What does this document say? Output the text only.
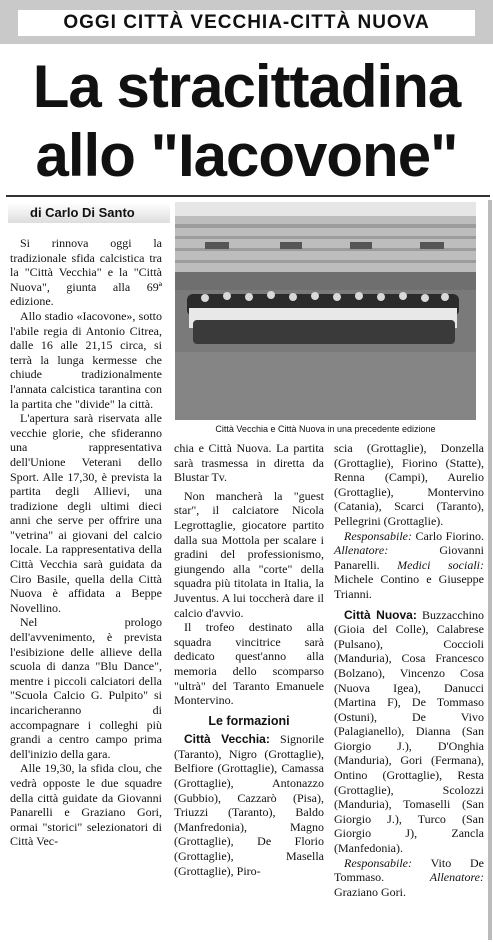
OGGI CITTÀ VECCHIA-CITTÀ NUOVA
La stracittadina
allo "Iacovone"
di Carlo Di Santo

Si rinnova oggi la tradizionale sfida calcistica tra la "Città Vecchia" e la "Città Nuova", giunta alla 69ª edizione.

Allo stadio «Iacovone», sotto l'abile regia di Antonio Citrea, dalle 16 alle 21,15 circa, si terrà la lunga kermesse che chiude tradizionalmente l'annata calcistica tarantina con la partita che "divide" la città.

L'apertura sarà riservata alle vecchie glorie, che sfideranno una rappresentativa dell'Unione Veterani dello Sport. Alle 17,30, è prevista la partita degli Allievi, una tradizione degli ultimi dieci anni che serve per offrire una "vetrina" ai giovani del calcio locale. La rappresentativa della Città Vecchia sarà guidata da Ciro Basile, quella della Città Nuova è affidata a Beppe Novellino.

Nel prologo dell'avvenimento, è prevista l'esibizione delle allieve della scuola di danza "Blu Dance", mentre i piccoli calciatori della "Scuola Calcio G. Pulpito" si incaricheranno di accompagnare i colleghi più grandi a centro campo prima dell'inizio della gara.

Alle 19,30, la sfida clou, che vedrà opposte le due squadre della città guidate da Giovanni Panarelli e Graziano Gori, ormai "storici" selezionatori di Città Vec-

Città Vecchia e Città Nuova in una precedente edizione

chia e Città Nuova. La partita sarà trasmessa in diretta da Blustar Tv.

Non mancherà la "guest star", il calciatore Nicola Legrottaglie, giocatore partito dalla sua Mottola per scalare i gradini del professionismo, giungendo alla "corte" della squadra più titolata in Italia, la Juventus. A lui toccherà dare il calcio d'avvio.

Il trofeo destinato alla squadra vincitrice sarà dedicato quest'anno alla memoria dello scomparso "ultrà" del Taranto Emanuele Montervino.

Le formazioni

Città Vecchia: Signorile (Taranto), Nigro (Grottaglie), Belfiore (Grottaglie), Camassa (Grottaglie), Antonazzo (Gubbio), Cazzarò (Pisa), Triuzzi (Taranto), Baldo (Manfredonia), Magno (Grottaglie), De Florio (Grottaglie), Masella (Grottaglie), Piro-

scia (Grottaglie), Donzella (Grottaglie), Fiorino (Statte), Renna (Campi), Aurelio (Grottaglie), Montervino (Catania), Scarci (Taranto), Pellegrini (Grottaglie).

Responsabile: Carlo Fiorino. Allenatore:	Giovanni Panarelli. Medici sociali: Michele Contino e Giuseppe Trianni.

Città Nuova: Buzzacchino (Gioia del Colle), Calabrese (Pulsano), Coccioli (Manduria), Cosa Francesco (Bolzano), Vincenzo Cosa (Nuova Igea), Danucci (Martina F), De Tommaso (Ostuni), De Vivo (Palagianello), Dianna (San Giorgio J.), D'Onghia (Manduria), Gori (Fermana), Ontino (Grottaglie), Resta (Grottaglie), Scolozzi (Manduria), Tomaselli (San Giorgio J.), Turco (San Giorgio J), Zancla (Manfedonia).

Responsabile: Vito De Tommaso.	Allenatore: Graziano Gori.
